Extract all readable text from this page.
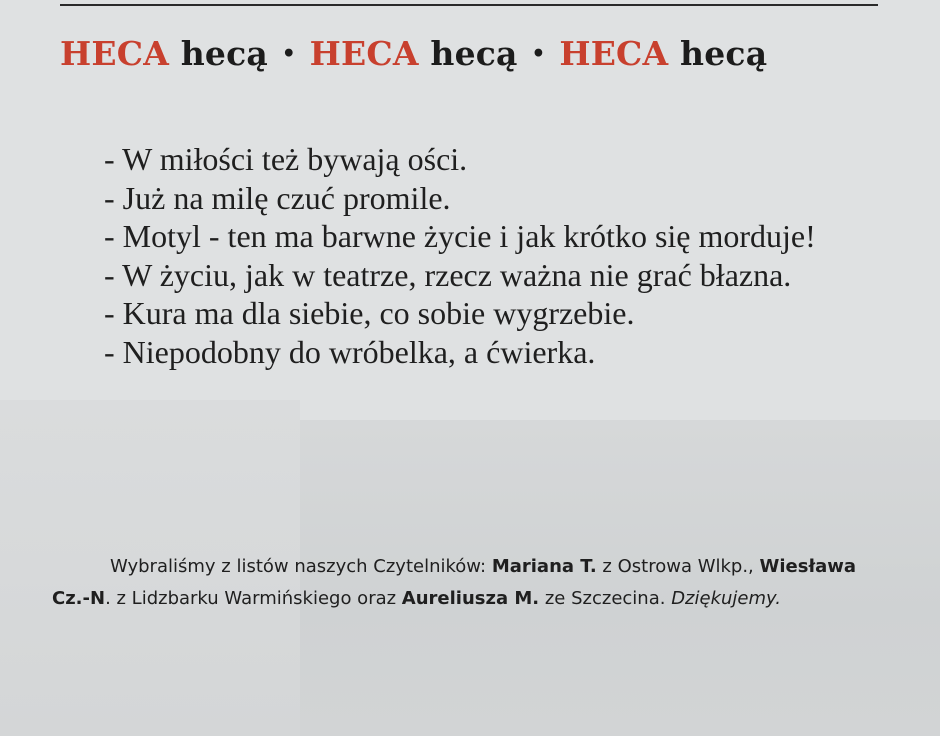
HECA hecą • HECA hecą • HECA hecą

- W miłości też bywają ości.

- Już na milę czuć promile.

- Motyl - ten ma barwne życie i jak krótko się morduje!

- W życiu, jak w teatrze, rzecz ważna nie grać błazna.

- Kura ma dla siebie, co sobie wygrzebie.

- Niepodobny do wróbelka, a ćwierka.

Wybraliśmy z listów naszych Czytelników: Mariana T. z Ostrowa Wlkp., Wiesława Cz.-N. z Lidzbarku Warmińskiego oraz Aureliusza M. ze Szczecina. Dziękujemy.
